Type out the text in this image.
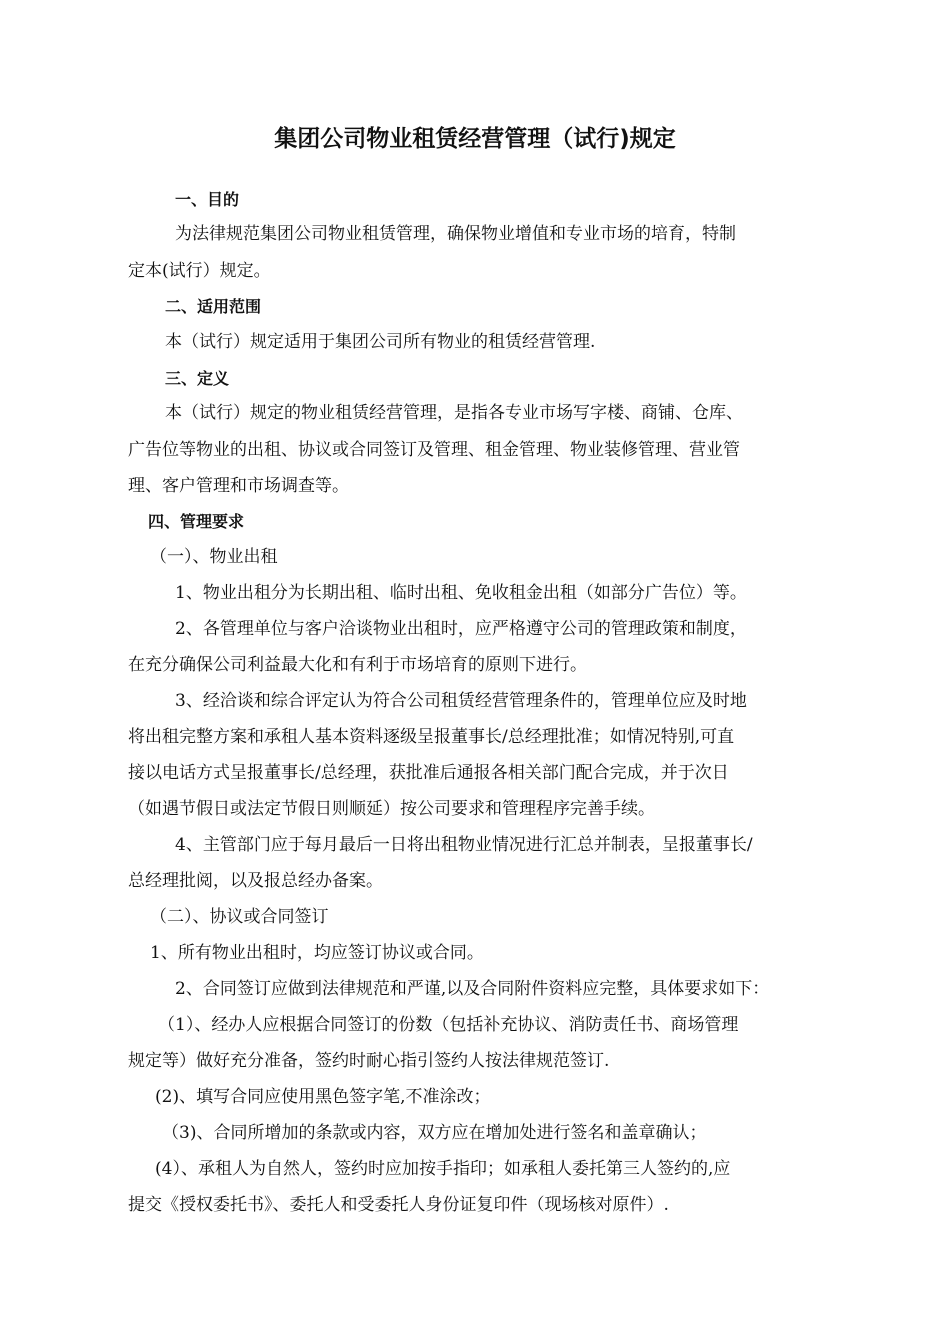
集团公司物业租赁经营管理（试行)规定
一、目的
为法律规范集团公司物业租赁管理，确保物业增值和专业市场的培育，特制
定本(试行）规定。
二、适用范围
本（试行）规定适用于集团公司所有物业的租赁经营管理.
三、定义
本（试行）规定的物业租赁经营管理，是指各专业市场写字楼、商铺、仓库、
广告位等物业的出租、协议或合同签订及管理、租金管理、物业装修管理、营业管
理、客户管理和市场调查等。
四、管理要求
（一）、物业出租
1、物业出租分为长期出租、临时出租、免收租金出租（如部分广告位）等。
2、各管理单位与客户洽谈物业出租时，应严格遵守公司的管理政策和制度，
在充分确保公司利益最大化和有利于市场培育的原则下进行。
3、经洽谈和综合评定认为符合公司租赁经营管理条件的，管理单位应及时地
将出租完整方案和承租人基本资料逐级呈报董事长/总经理批准；如情况特别,可直
接以电话方式呈报董事长/总经理，获批准后通报各相关部门配合完成，并于次日
（如遇节假日或法定节假日则顺延）按公司要求和管理程序完善手续。
4、主管部门应于每月最后一日将出租物业情况进行汇总并制表，呈报董事长/
总经理批阅，以及报总经办备案。
（二）、协议或合同签订
1、所有物业出租时，均应签订协议或合同。
2、合同签订应做到法律规范和严谨,以及合同附件资料应完整，具体要求如下：
（1）、经办人应根据合同签订的份数（包括补充协议、消防责任书、商场管理
规定等）做好充分准备，签约时耐心指引签约人按法律规范签订.
(2)、填写合同应使用黑色签字笔,不准涂改；
（3)、合同所增加的条款或内容，双方应在增加处进行签名和盖章确认；
(4）、承租人为自然人，签约时应加按手指印；如承租人委托第三人签约的,应
提交《授权委托书》、委托人和受委托人身份证复印件（现场核对原件）.
